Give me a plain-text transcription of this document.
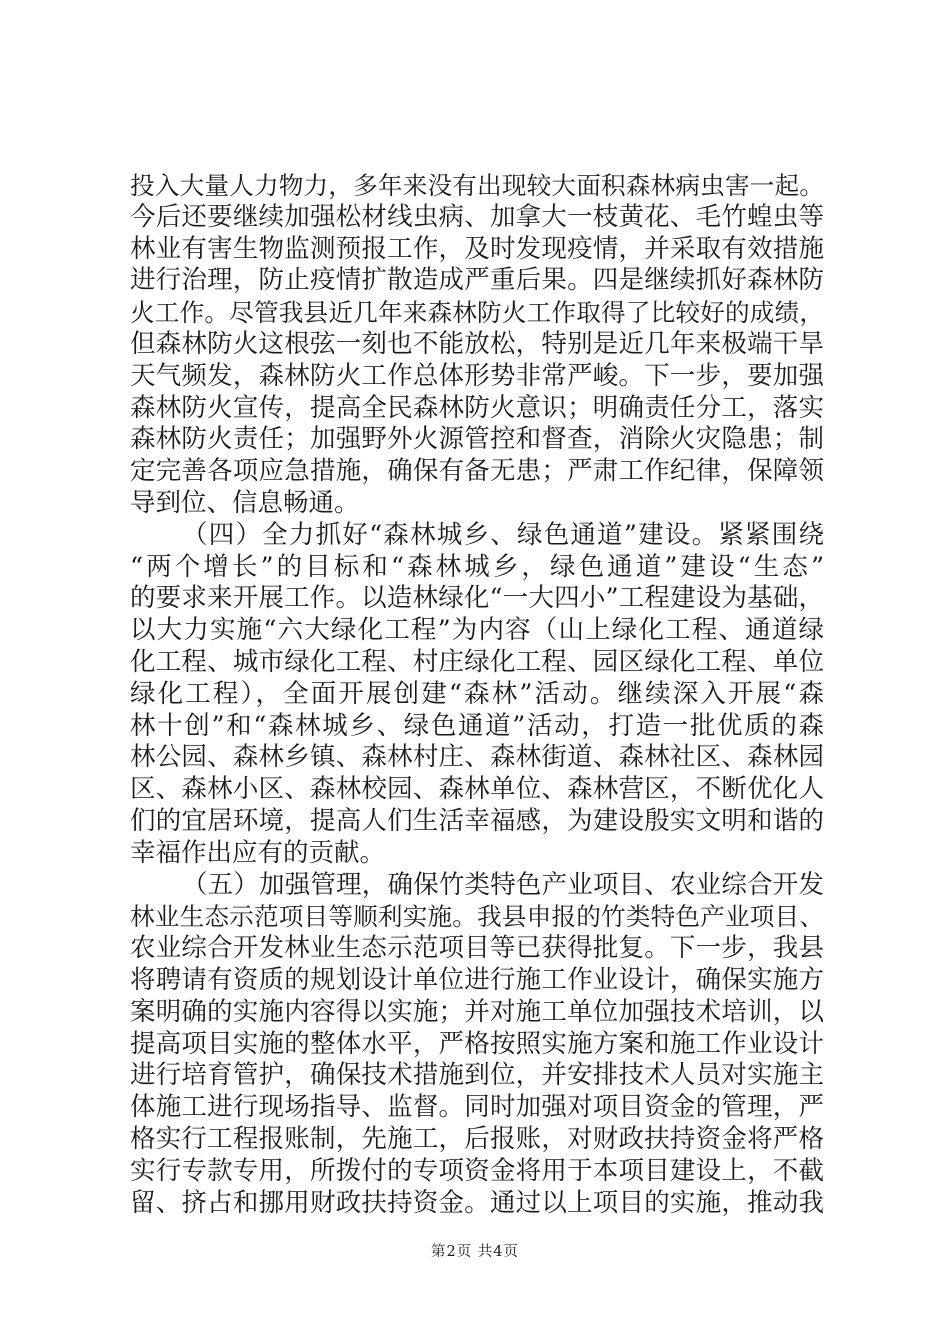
投入大量人力物力，多年来没有出现较大面积森林病虫害一起。
今后还要继续加强松材线虫病、加拿大一枝黄花、毛竹蝗虫等
林业有害生物监测预报工作，及时发现疫情，并采取有效措施
进行治理，防止疫情扩散造成严重后果。四是继续抓好森林防
火工作。尽管我县近几年来森林防火工作取得了比较好的成绩，
但森林防火这根弦一刻也不能放松，特别是近几年来极端干旱
天气频发，森林防火工作总体形势非常严峻。下一步，要加强
森林防火宣传，提高全民森林防火意识；明确责任分工，落实
森林防火责任；加强野外火源管控和督查，消除火灾隐患；制
定完善各项应急措施，确保有备无患；严肃工作纪律，保障领
导到位、信息畅通。
（四）全力抓好“森林城乡、绿色通道”建设。紧紧围绕
“两个增长”的目标和“森林城乡，绿色通道”建设“生态”
的要求来开展工作。以造林绿化“一大四小”工程建设为基础，
以大力实施“六大绿化工程”为内容（山上绿化工程、通道绿
化工程、城市绿化工程、村庄绿化工程、园区绿化工程、单位
绿化工程），全面开展创建“森林”活动。继续深入开展“森
林十创”和“森林城乡、绿色通道”活动，打造一批优质的森
林公园、森林乡镇、森林村庄、森林街道、森林社区、森林园
区、森林小区、森林校园、森林单位、森林营区，不断优化人
们的宜居环境，提高人们生活幸福感，为建设殷实文明和谐的
幸福作出应有的贡献。
（五）加强管理，确保竹类特色产业项目、农业综合开发
林业生态示范项目等顺利实施。我县申报的竹类特色产业项目、
农业综合开发林业生态示范项目等已获得批复。下一步，我县
将聘请有资质的规划设计单位进行施工作业设计，确保实施方
案明确的实施内容得以实施；并对施工单位加强技术培训，以
提高项目实施的整体水平，严格按照实施方案和施工作业设计
进行培育管护，确保技术措施到位，并安排技术人员对实施主
体施工进行现场指导、监督。同时加强对项目资金的管理，严
格实行工程报账制，先施工，后报账，对财政扶持资金将严格
实行专款专用，所拨付的专项资金将用于本项目建设上，不截
留、挤占和挪用财政扶持资金。通过以上项目的实施，推动我
第2页 共4页
